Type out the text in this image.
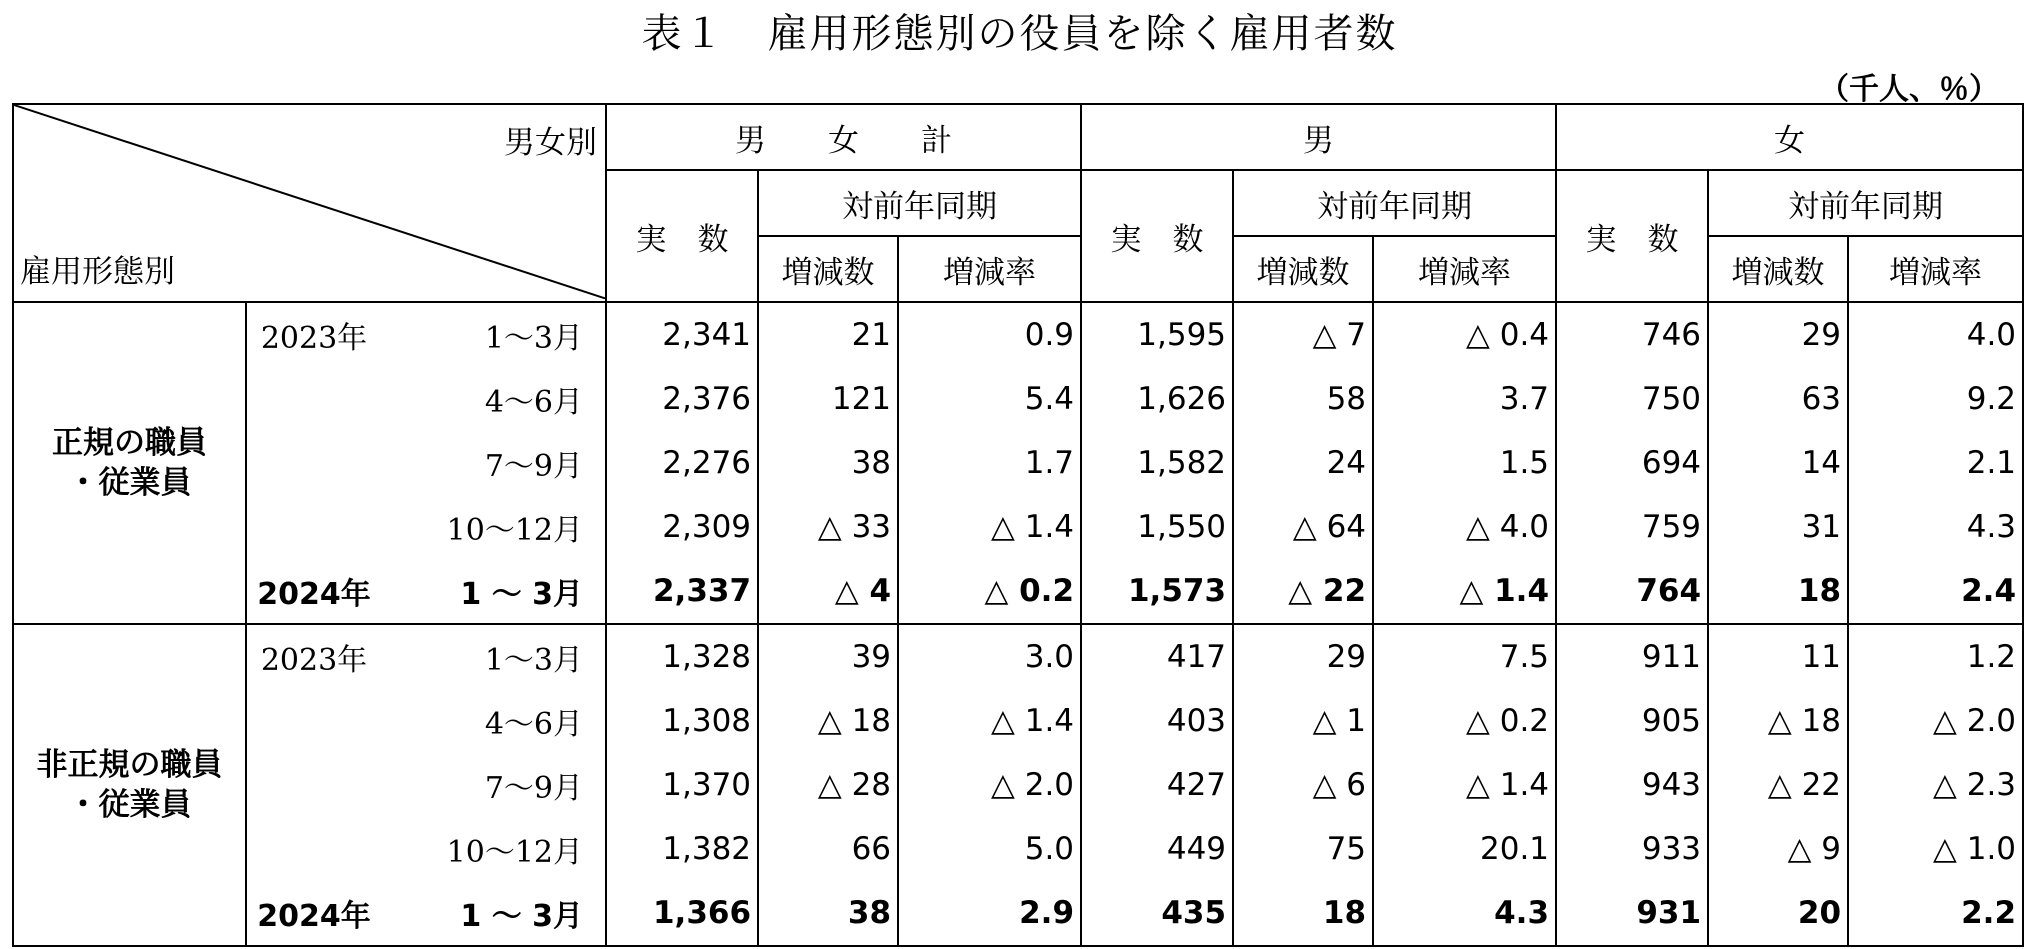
表１　雇用形態別の役員を除く雇用者数
（千人、％）
男女別
雇用形態別			男　　女　　計			男			女		
			実　数	対前年同期		実　数	対前年同期		実　数	対前年同期	
				増減数	増減率		増減数	増減率		増減数	増減率

正規の職員
・従業員	2023年	1～3月	2,341	21	0.9	1,595	△ 7	△ 0.4	746	29	4.0
		4～6月	2,376	121	5.4	1,626	58	3.7	750	63	9.2
		7～9月	2,276	38	1.7	1,582	24	1.5	694	14	2.1
		10～12月	2,309	△ 33	△ 1.4	1,550	△ 64	△ 4.0	759	31	4.3
	2024年	1 ～ 3月	2,337	△ 4	△ 0.2	1,573	△ 22	△ 1.4	764	18	2.4

非正規の職員
・従業員	2023年	1～3月	1,328	39	3.0	417	29	7.5	911	11	1.2
		4～6月	1,308	△ 18	△ 1.4	403	△ 1	△ 0.2	905	△ 18	△ 2.0
		7～9月	1,370	△ 28	△ 2.0	427	△ 6	△ 1.4	943	△ 22	△ 2.3
		10～12月	1,382	66	5.0	449	75	20.1	933	△ 9	△ 1.0
	2024年	1 ～ 3月	1,366	38	2.9	435	18	4.3	931	20	2.2
